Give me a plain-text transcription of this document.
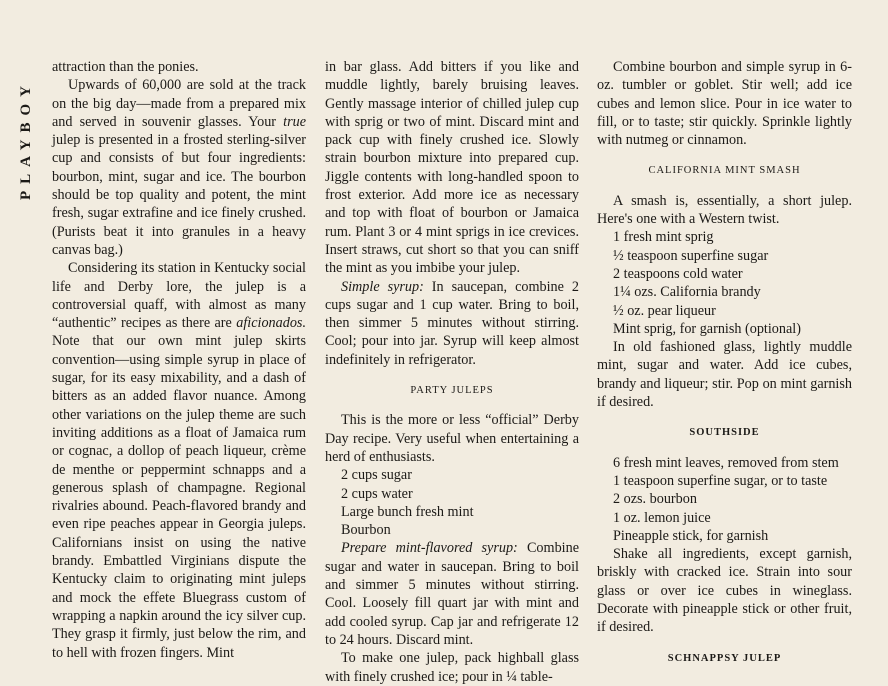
PLAYBOY

attraction than the ponies.

Upwards of 60,000 are sold at the track on the big day—made from a prepared mix and served in souvenir glasses. Your true julep is presented in a frosted sterling-silver cup and consists of but four ingredients: bourbon, mint, sugar and ice. The bourbon should be top quality and potent, the mint fresh, sugar extrafine and ice finely crushed. (Purists beat it into granules in a heavy canvas bag.)

Considering its station in Kentucky social life and Derby lore, the julep is a controversial quaff, with almost as many “authentic” recipes as there are aficionados. Note that our own mint julep skirts convention—using simple syrup in place of sugar, for its easy mixability, and a dash of bitters as an added flavor nuance. Among other variations on the julep theme are such inviting additions as a float of Jamaica rum or cognac, a dollop of peach liqueur, crème de menthe or peppermint schnapps and a generous splash of champagne. Regional rivalries abound. Peach-flavored brandy and even ripe peaches appear in Georgia juleps. Californians insist on using the native brandy. Embattled Virginians dispute the Kentucky claim to originating mint juleps and mock the effete Bluegrass custom of wrapping a napkin around the icy silver cup. They grasp it firmly, just below the rim, and to hell with frozen fingers. Mint

in bar glass. Add bitters if you like and muddle lightly, barely bruising leaves. Gently massage interior of chilled julep cup with sprig or two of mint. Discard mint and pack cup with finely crushed ice. Slowly strain bourbon mixture into prepared cup. Jiggle contents with long-handled spoon to frost exterior. Add more ice as necessary and top with float of bourbon or Jamaica rum. Plant 3 or 4 mint sprigs in ice crevices. Insert straws, cut short so that you can sniff the mint as you imbibe your julep.

Simple syrup: In saucepan, combine 2 cups sugar and 1 cup water. Bring to boil, then simmer 5 minutes without stirring. Cool; pour into jar. Syrup will keep almost indefinitely in refrigerator.

PARTY JULEPS

This is the more or less “official” Derby Day recipe. Very useful when entertaining a herd of enthusiasts.

2 cups sugar

2 cups water

Large bunch fresh mint

Bourbon

Prepare mint-flavored syrup: Combine sugar and water in saucepan. Bring to boil and simmer 5 minutes without stirring. Cool. Loosely fill quart jar with mint and add cooled syrup. Cap jar and refrigerate 12 to 24 hours. Discard mint.

To make one julep, pack highball glass with finely crushed ice; pour in ¼ table-

Combine bourbon and simple syrup in 6-oz. tumbler or goblet. Stir well; add ice cubes and lemon slice. Pour in ice water to fill, or to taste; stir quickly. Sprinkle lightly with nutmeg or cinnamon.

CALIFORNIA MINT SMASH

A smash is, essentially, a short julep. Here's one with a Western twist.

1 fresh mint sprig

½ teaspoon superfine sugar

2 teaspoons cold water

1¼ ozs. California brandy

½ oz. pear liqueur

Mint sprig, for garnish (optional)

In old fashioned glass, lightly muddle mint, sugar and water. Add ice cubes, brandy and liqueur; stir. Pop on mint garnish if desired.

SOUTHSIDE

6 fresh mint leaves, removed from stem

1 teaspoon superfine sugar, or to taste

2 ozs. bourbon

1 oz. lemon juice

Pineapple stick, for garnish

Shake all ingredients, except garnish, briskly with cracked ice. Strain into sour glass or over ice cubes in wineglass. Decorate with pineapple stick or other fruit, if desired.

SCHNAPPSY JULEP
